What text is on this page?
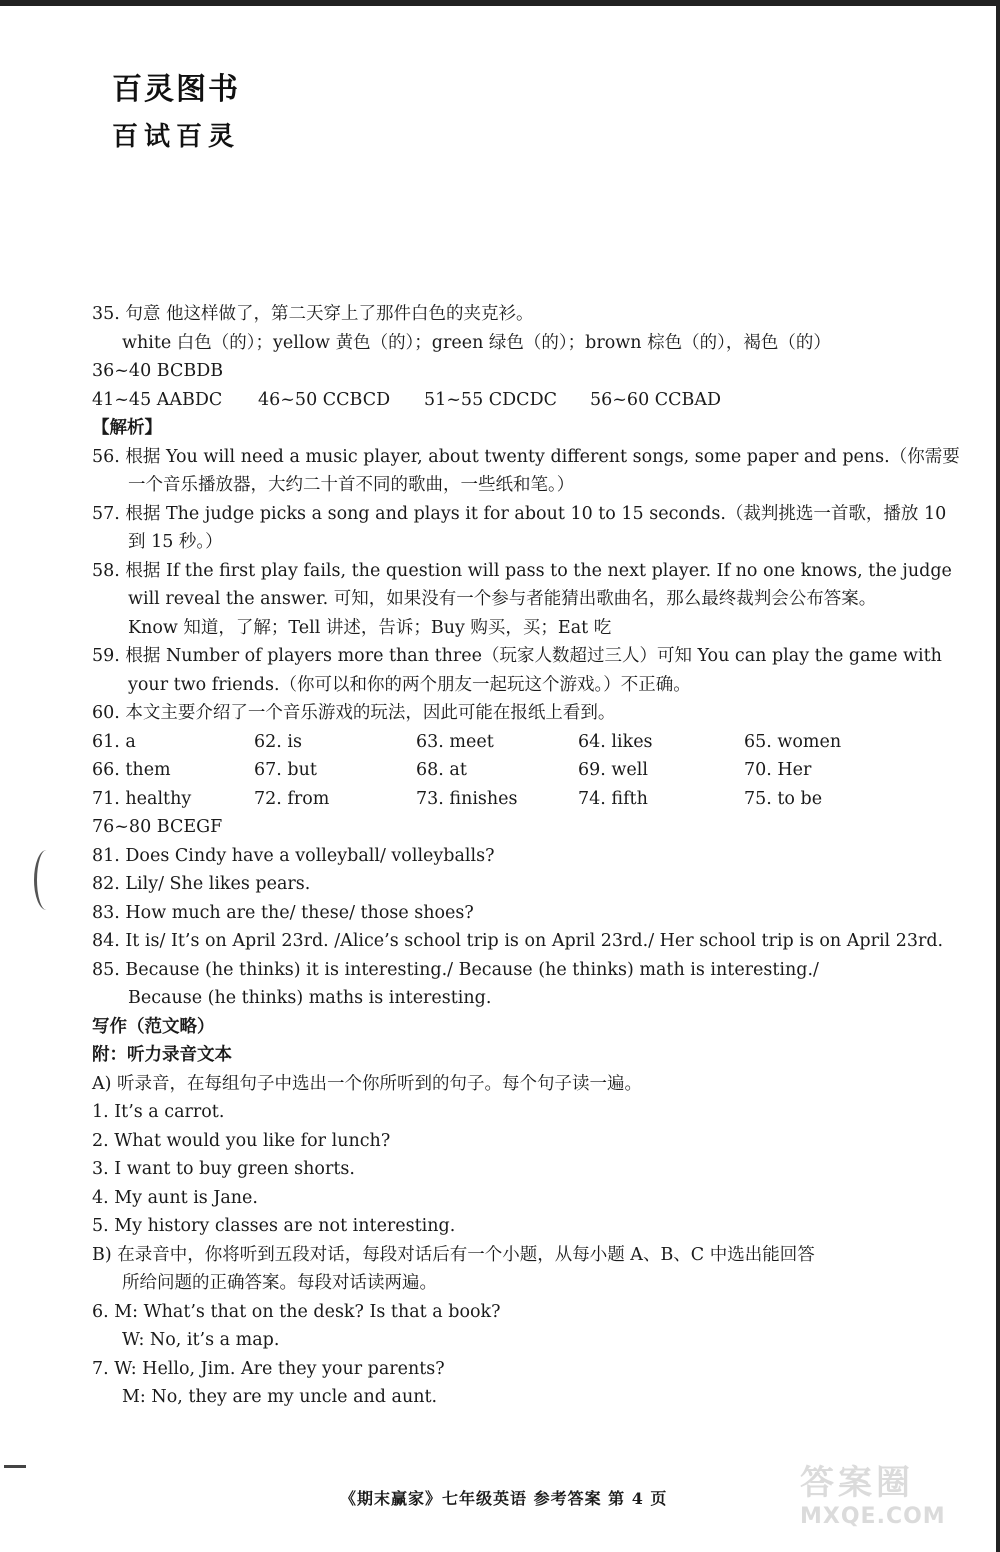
百灵图书
百试百灵
35. 句意 他这样做了，第二天穿上了那件白色的夹克衫。
white 白色（的）；yellow 黄色（的）；green 绿色（的）；brown 棕色（的），褐色（的）
36~40 BCBDB
41~45 AABDC	46~50 CCBCD	51~55 CDCDC	56~60 CCBAD
【解析】
56. 根据 You will need a music player, about twenty different songs, some paper and pens.（你需要
一个音乐播放器，大约二十首不同的歌曲，一些纸和笔。）
57. 根据 The judge picks a song and plays it for about 10 to 15 seconds.（裁判挑选一首歌，播放 10
到 15 秒。）
58. 根据 If the first play fails, the question will pass to the next player. If no one knows, the judge
will reveal the answer. 可知，如果没有一个参与者能猜出歌曲名，那么最终裁判会公布答案。
Know 知道，了解；Tell 讲述，告诉；Buy 购买，买；Eat 吃
59. 根据 Number of players more than three（玩家人数超过三人）可知 You can play the game with
your two friends.（你可以和你的两个朋友一起玩这个游戏。）不正确。
60. 本文主要介绍了一个音乐游戏的玩法，因此可能在报纸上看到。
61. a	62. is	63. meet	64. likes	65. women
66. them	67. but	68. at	69. well	70. Her
71. healthy	72. from	73. finishes	74. fifth	75. to be
76~80 BCEGF
81. Does Cindy have a volleyball/ volleyballs?
82. Lily/ She likes pears.
83. How much are the/ these/ those shoes?
84. It is/ It’s on April 23rd. /Alice’s school trip is on April 23rd./ Her school trip is on April 23rd.
85. Because (he thinks) it is interesting./ Because (he thinks) math is interesting./
Because (he thinks) maths is interesting.
写作（范文略）
附：听力录音文本
A) 听录音，在每组句子中选出一个你所听到的句子。每个句子读一遍。
1. It’s a carrot.
2. What would you like for lunch?
3. I want to buy green shorts.
4. My aunt is Jane.
5. My history classes are not interesting.
B) 在录音中，你将听到五段对话，每段对话后有一个小题，从每小题 A、B、C 中选出能回答
所给问题的正确答案。每段对话读两遍。
6. M: What’s that on the desk? Is that a book?
W: No, it’s a map.
7. W: Hello, Jim. Are they your parents?
M: No, they are my uncle and aunt.
《期末赢家》七年级英语 参考答案 第 4 页	答案圈
MXQE.COM
